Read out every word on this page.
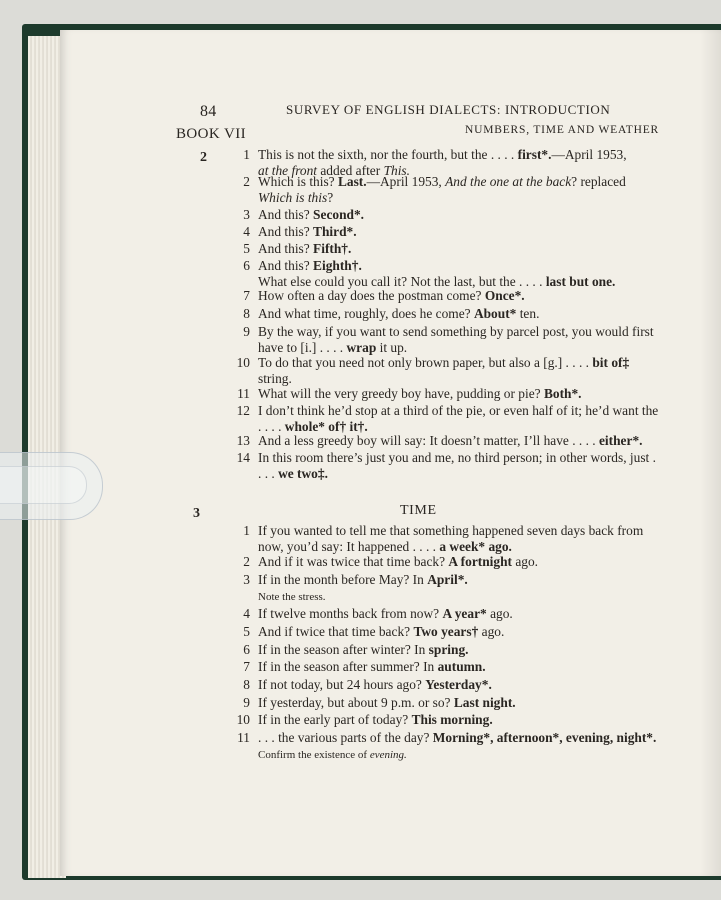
84	SURVEY OF ENGLISH DIALECTS: INTRODUCTION
BOOK VII	NUMBERS, TIME AND WEATHER
2	1 This is not the sixth, nor the fourth, but the . . . . first*.—April 1953,
at the front added after This.
2 Which is this? Last.—April 1953, And the one at the back? replaced
Which is this?
3 And this? Second*.
4 And this? Third*.
5 And this? Fifth†.
6 And this? Eighth†.
What else could you call it? Not the last, but the . . . . last but one.
7 How often a day does the postman come? Once*.
8 And what time, roughly, does he come? About* ten.
9 By the way, if you want to send something by parcel post, you would first have to [i.] . . . . wrap it up.
10 To do that you need not only brown paper, but also a [g.] . . . . bit of‡ string.
11 What will the very greedy boy have, pudding or pie? Both*.
12 I don’t think he’d stop at a third of the pie, or even half of it; he’d want the . . . . whole* of† it†.
13 And a less greedy boy will say: It doesn’t matter, I’ll have . . . . either*.
14 In this room there’s just you and me, no third person; in other words, just . . . . we two‡.
3	TIME
1 If you wanted to tell me that something happened seven days back from now, you’d say: It happened . . . . a week* ago.
2 And if it was twice that time back? A fortnight ago.
3 If in the month before May? In April*.
Note the stress.
4 If twelve months back from now? A year* ago.
5 And if twice that time back? Two years† ago.
6 If in the season after winter? In spring.
7 If in the season after summer? In autumn.
8 If not today, but 24 hours ago? Yesterday*.
9 If yesterday, but about 9 p.m. or so? Last night.
10 If in the early part of today? This morning.
11 . . . the various parts of the day? Morning*, afternoon*, evening, night*.
Confirm the existence of evening.
